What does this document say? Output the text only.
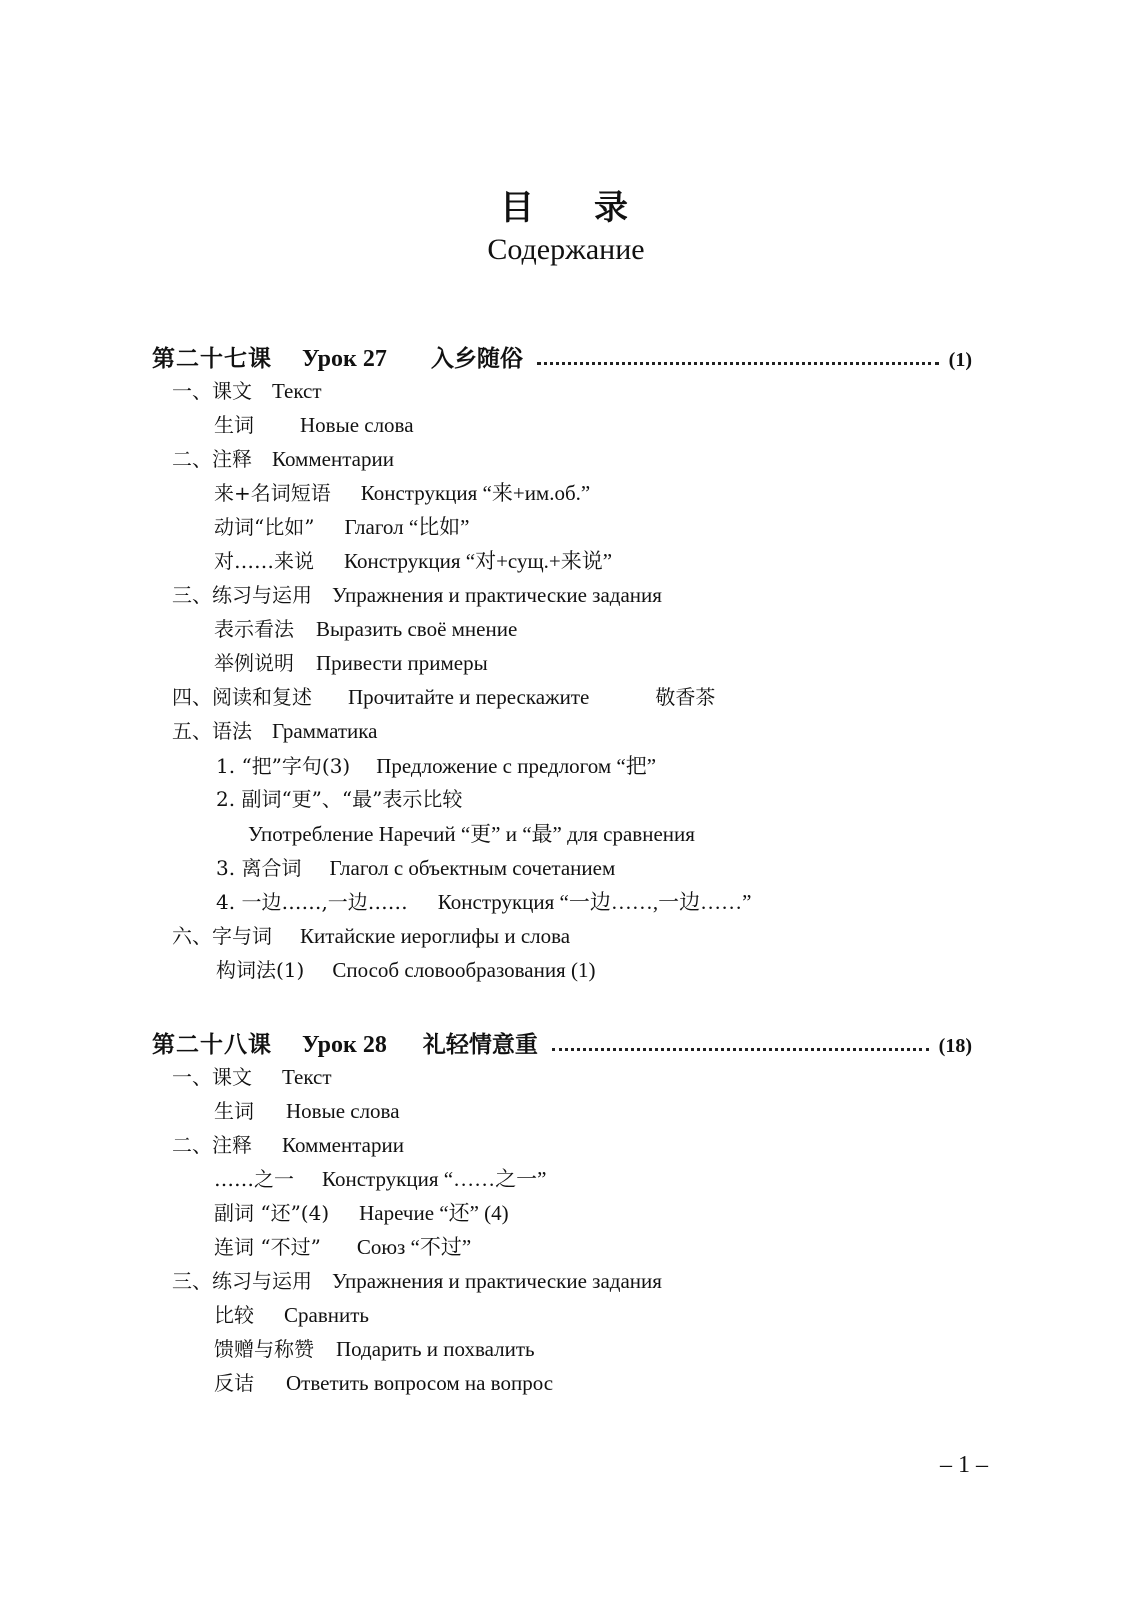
目 录
Содержание
第二十七课 Урок 27 入乡随俗	(1)
一、课文 Текст
生词 Новые слова
二、注释 Комментарии
来+名词短语 Конструкция “来+им.об.”
动词“比如” Глагол “比如”
对……来说 Конструкция “对+сущ.+来说”
三、练习与运用 Упражнения и практические задания
表示看法 Выразить своё мнение
举例说明 Привести примеры
四、阅读和复述 Прочитайте и перескажите	敬香茶
五、语法 Грамматика
1. “把”字句(3) Предложение с предлогом “把”
2. 副词“更”、“最”表示比较
Употребление Наречий “更” и “最” для сравнения
3. 离合词 Глагол с объектным сочетанием
4. 一边……,一边…… Конструкция “一边……,一边……”
六、字与词 Китайские иероглифы и слова
构词法(1) Способ словообразования (1)
第二十八课 Урок 28 礼轻情意重	(18)
一、课文 Текст
生词 Новые слова
二、注释 Комментарии
……之一 Конструкция “……之一”
副词 “还”(4) Наречие “还” (4)
连词 “不过” Союз “不过”
三、练习与运用 Упражнения и практические задания
比较 Сравнить
馈赠与称赞 Подарить и похвалить
反诘 Ответить вопросом на вопрос
– 1 –
